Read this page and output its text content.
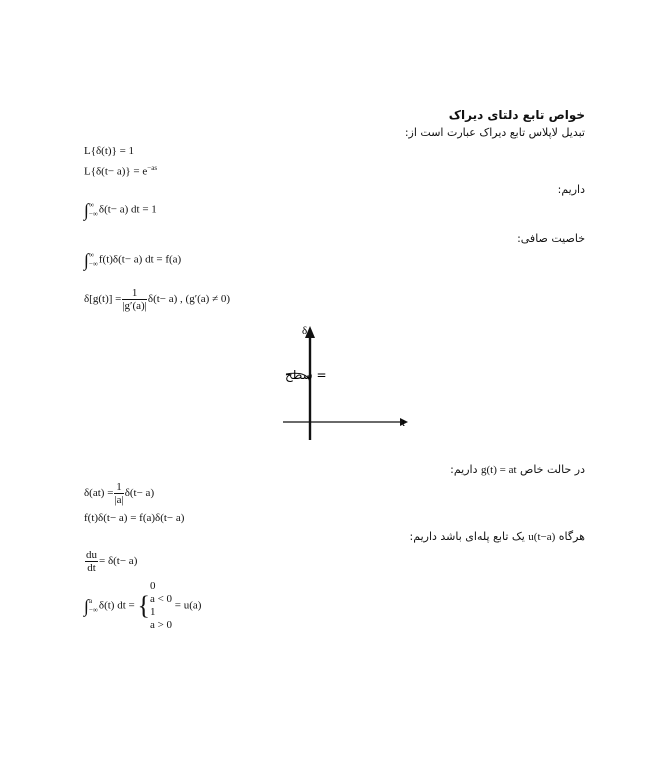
خواص تابع دلتای دیراک
تبدیل لاپلاس تابع دیراک عبارت است از:
L{δ(t)} = 1
$L\{\delta(t- a)\} = e^{-as}$
داریم:
∫ ∞
−∞ δ(t− a) dt = 1
خاصیت صافی:
∫ ∞
−∞ f(t)δ(t− a) dt = f(a)
$\delta[g(t)] = \frac{1}{|g'(a)|} \delta(t- a)$ , (g′(a) ≠ 0)
δ
t
= سطح
در حالت خاص g(t) = at داریم:
$\delta(at) = \frac{1}{|a|} \delta(t- a)$
f(t)δ(t− a) = f(a)δ(t− a)
هرگاه u(t−a) یک تابع پله‌ای باشد داریم:
$\frac{du}{dt} = \delta(t- a)$
∫ a
−∞ δ(t) dt = {
0
a < 0
1
a > 0
= u(a)
